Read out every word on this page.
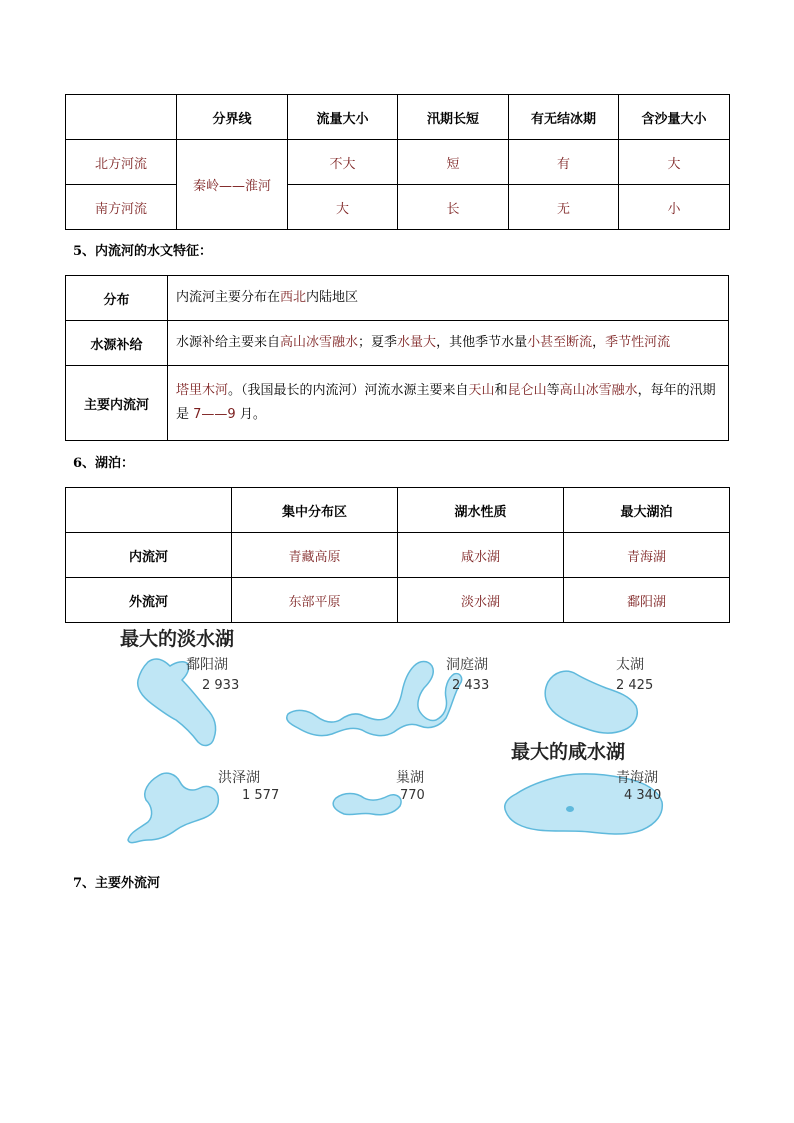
	分界线	流量大小	汛期长短	有无结冰期	含沙量大小
北方河流	秦岭——淮河	不大	短	有	大
南方河流		大	长	无	小
5、内流河的水文特征：
分布	内流河主要分布在西北内陆地区
水源补给	水源补给主要来自高山冰雪融水；夏季水量大，其他季节水量小甚至断流，季节性河流
主要内流河	塔里木河。（我国最长的内流河）河流水源主要来自天山和昆仑山等高山冰雪融水，每年的汛期是 7——9 月。
6、湖泊：
	集中分布区	湖水性质	最大湖泊
内流河	青藏高原	咸水湖	青海湖
外流河	东部平原	淡水湖	鄱阳湖
最大的淡水湖
鄱阳湖
2 933
洞庭湖
2 433
太湖
2 425
最大的咸水湖
洪泽湖
1 577
巢湖
770
青海湖
4 340
7、主要外流河
